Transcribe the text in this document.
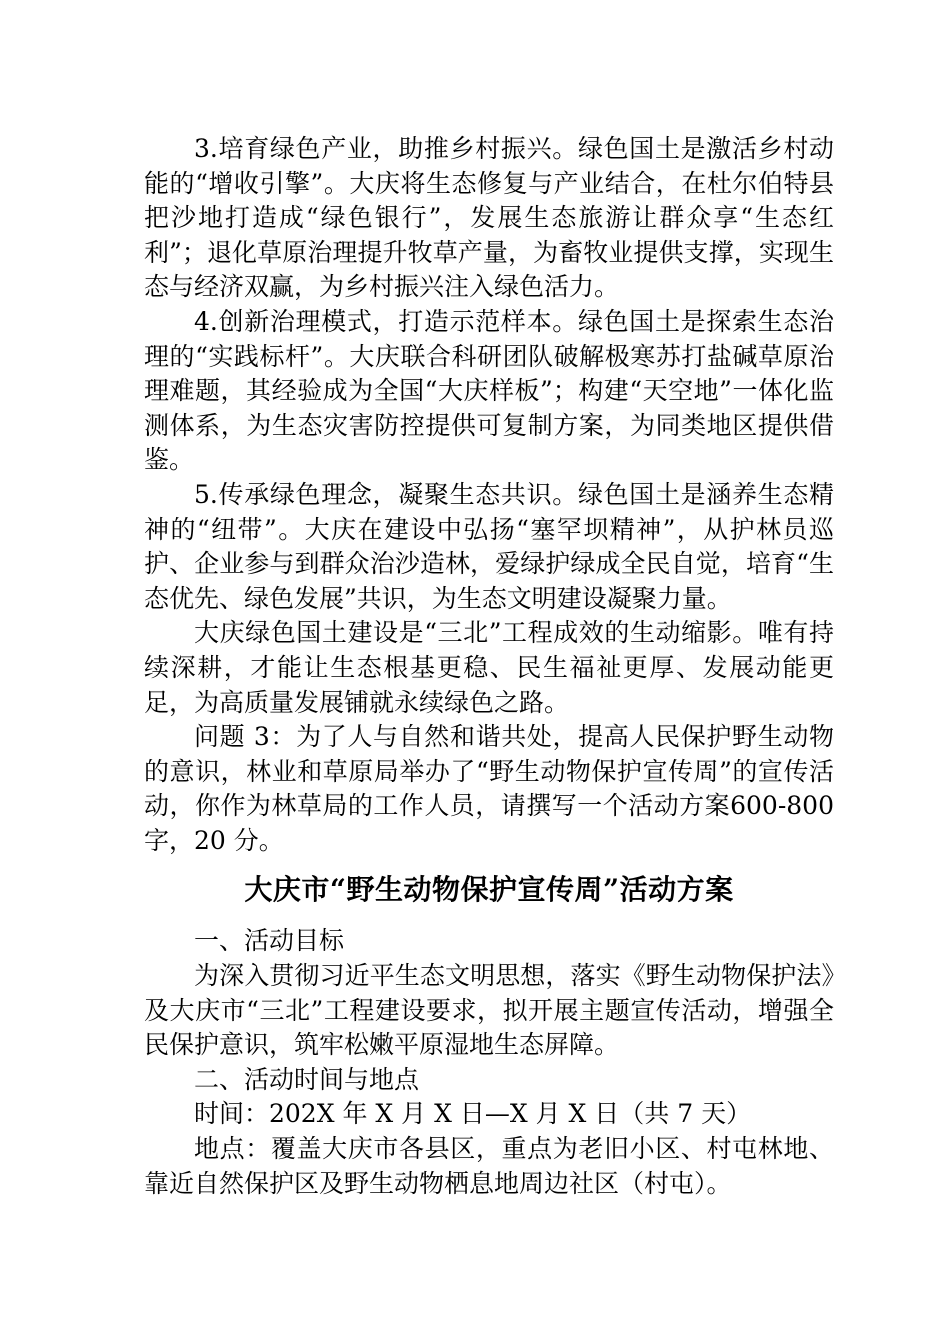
3.培育绿色产业，助推乡村振兴。绿色国土是激活乡村动能的“增收引擎”。大庆将生态修复与产业结合，在杜尔伯特县把沙地打造成“绿色银行”，发展生态旅游让群众享“生态红利”；退化草原治理提升牧草产量，为畜牧业提供支撑，实现生态与经济双赢，为乡村振兴注入绿色活力。

4.创新治理模式，打造示范样本。绿色国土是探索生态治理的“实践标杆”。大庆联合科研团队破解极寒苏打盐碱草原治理难题，其经验成为全国“大庆样板”；构建“天空地”一体化监测体系，为生态灾害防控提供可复制方案，为同类地区提供借鉴。

5.传承绿色理念，凝聚生态共识。绿色国土是涵养生态精神的“纽带”。大庆在建设中弘扬“塞罕坝精神”，从护林员巡护、企业参与到群众治沙造林，爱绿护绿成全民自觉，培育“生态优先、绿色发展”共识，为生态文明建设凝聚力量。

大庆绿色国土建设是“三北”工程成效的生动缩影。唯有持续深耕，才能让生态根基更稳、民生福祉更厚、发展动能更足，为高质量发展铺就永续绿色之路。

问题 3：为了人与自然和谐共处，提高人民保护野生动物的意识，林业和草原局举办了“野生动物保护宣传周”的宣传活动，你作为林草局的工作人员，请撰写一个活动方案600-800 字，20 分。

大庆市“野生动物保护宣传周”活动方案

一、活动目标

为深入贯彻习近平生态文明思想，落实《野生动物保护法》及大庆市“三北”工程建设要求，拟开展主题宣传活动，增强全民保护意识，筑牢松嫩平原湿地生态屏障。

二、活动时间与地点

时间：202X 年 X 月 X 日—X 月 X 日（共 7 天）

地点：覆盖大庆市各县区，重点为老旧小区、村屯林地、靠近自然保护区及野生动物栖息地周边社区（村屯）。
